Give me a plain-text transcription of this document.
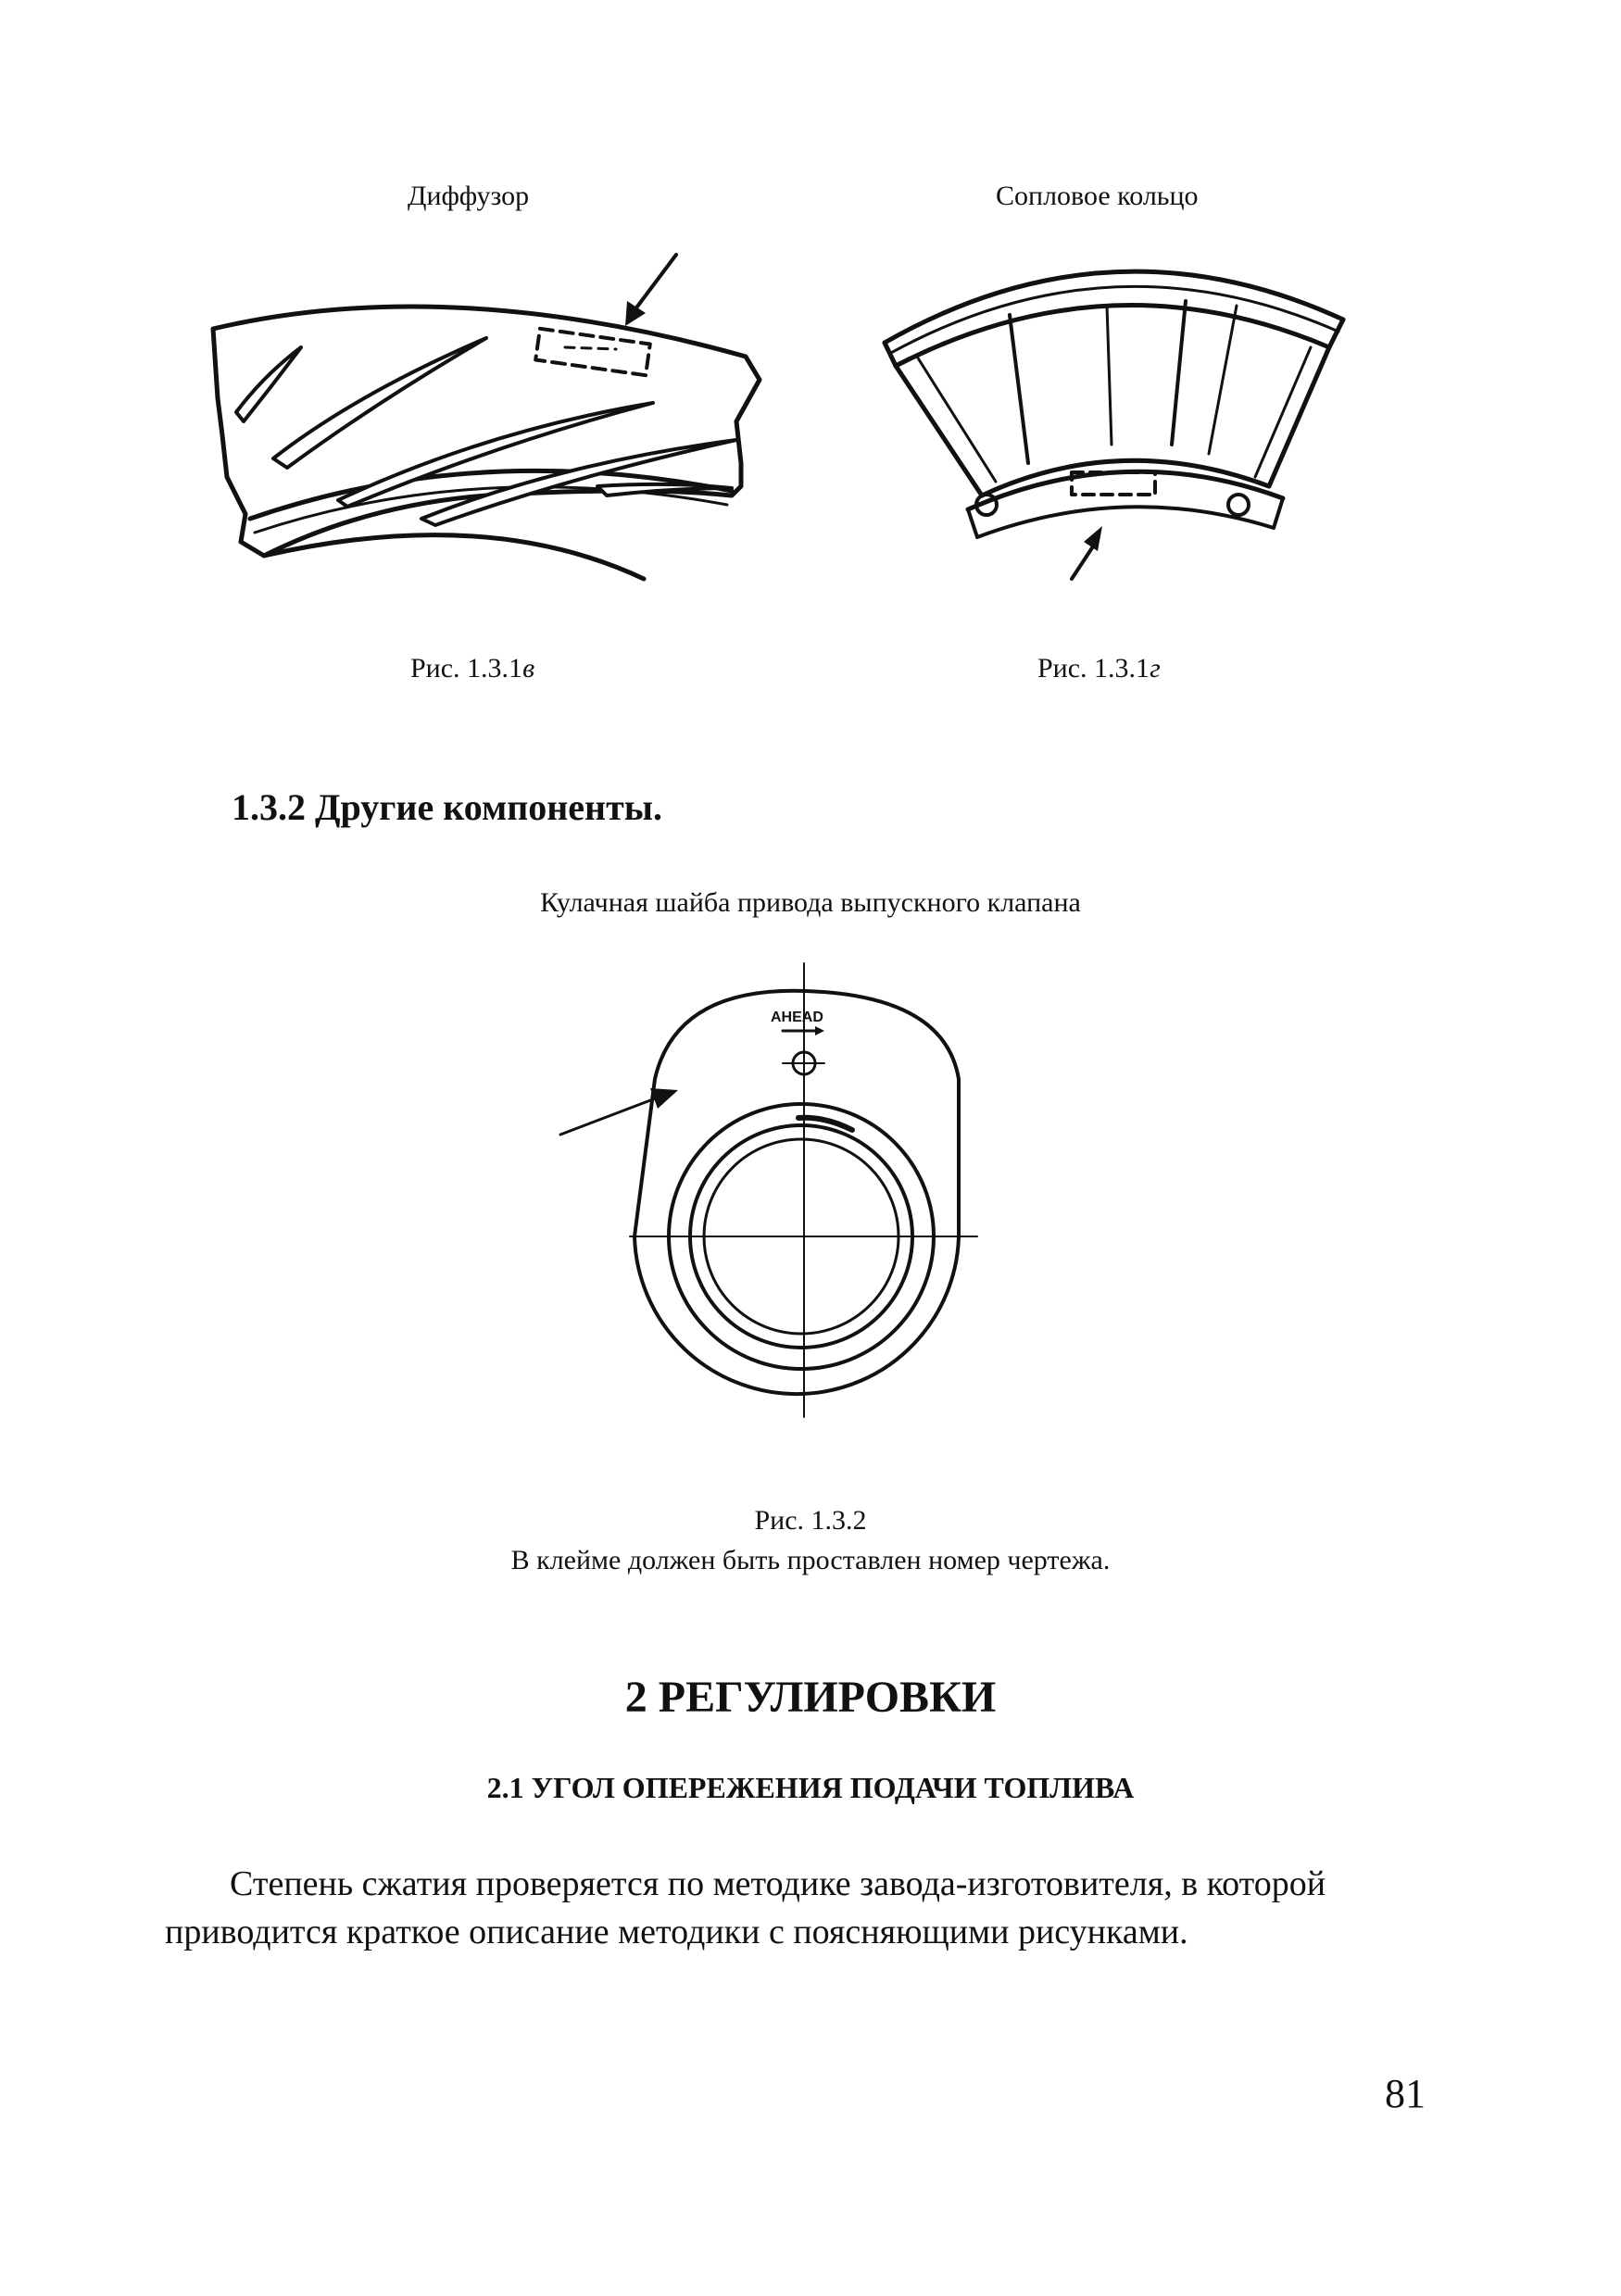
Диффузор	Сопловое кольцо
Рис. 1.3.1в	Рис. 1.3.1г
1.3.2 Другие компоненты.
Кулачная шайба привода выпускного клапана
AHEAD
Рис. 1.3.2
В клейме должен быть проставлен номер чертежа.
2 РЕГУЛИРОВКИ
2.1 УГОЛ ОПЕРЕЖЕНИЯ ПОДАЧИ ТОПЛИВА
Степень сжатия проверяется по методике завода-изготовителя, в которой
приводится краткое описание методики с поясняющими рисунками.
81
